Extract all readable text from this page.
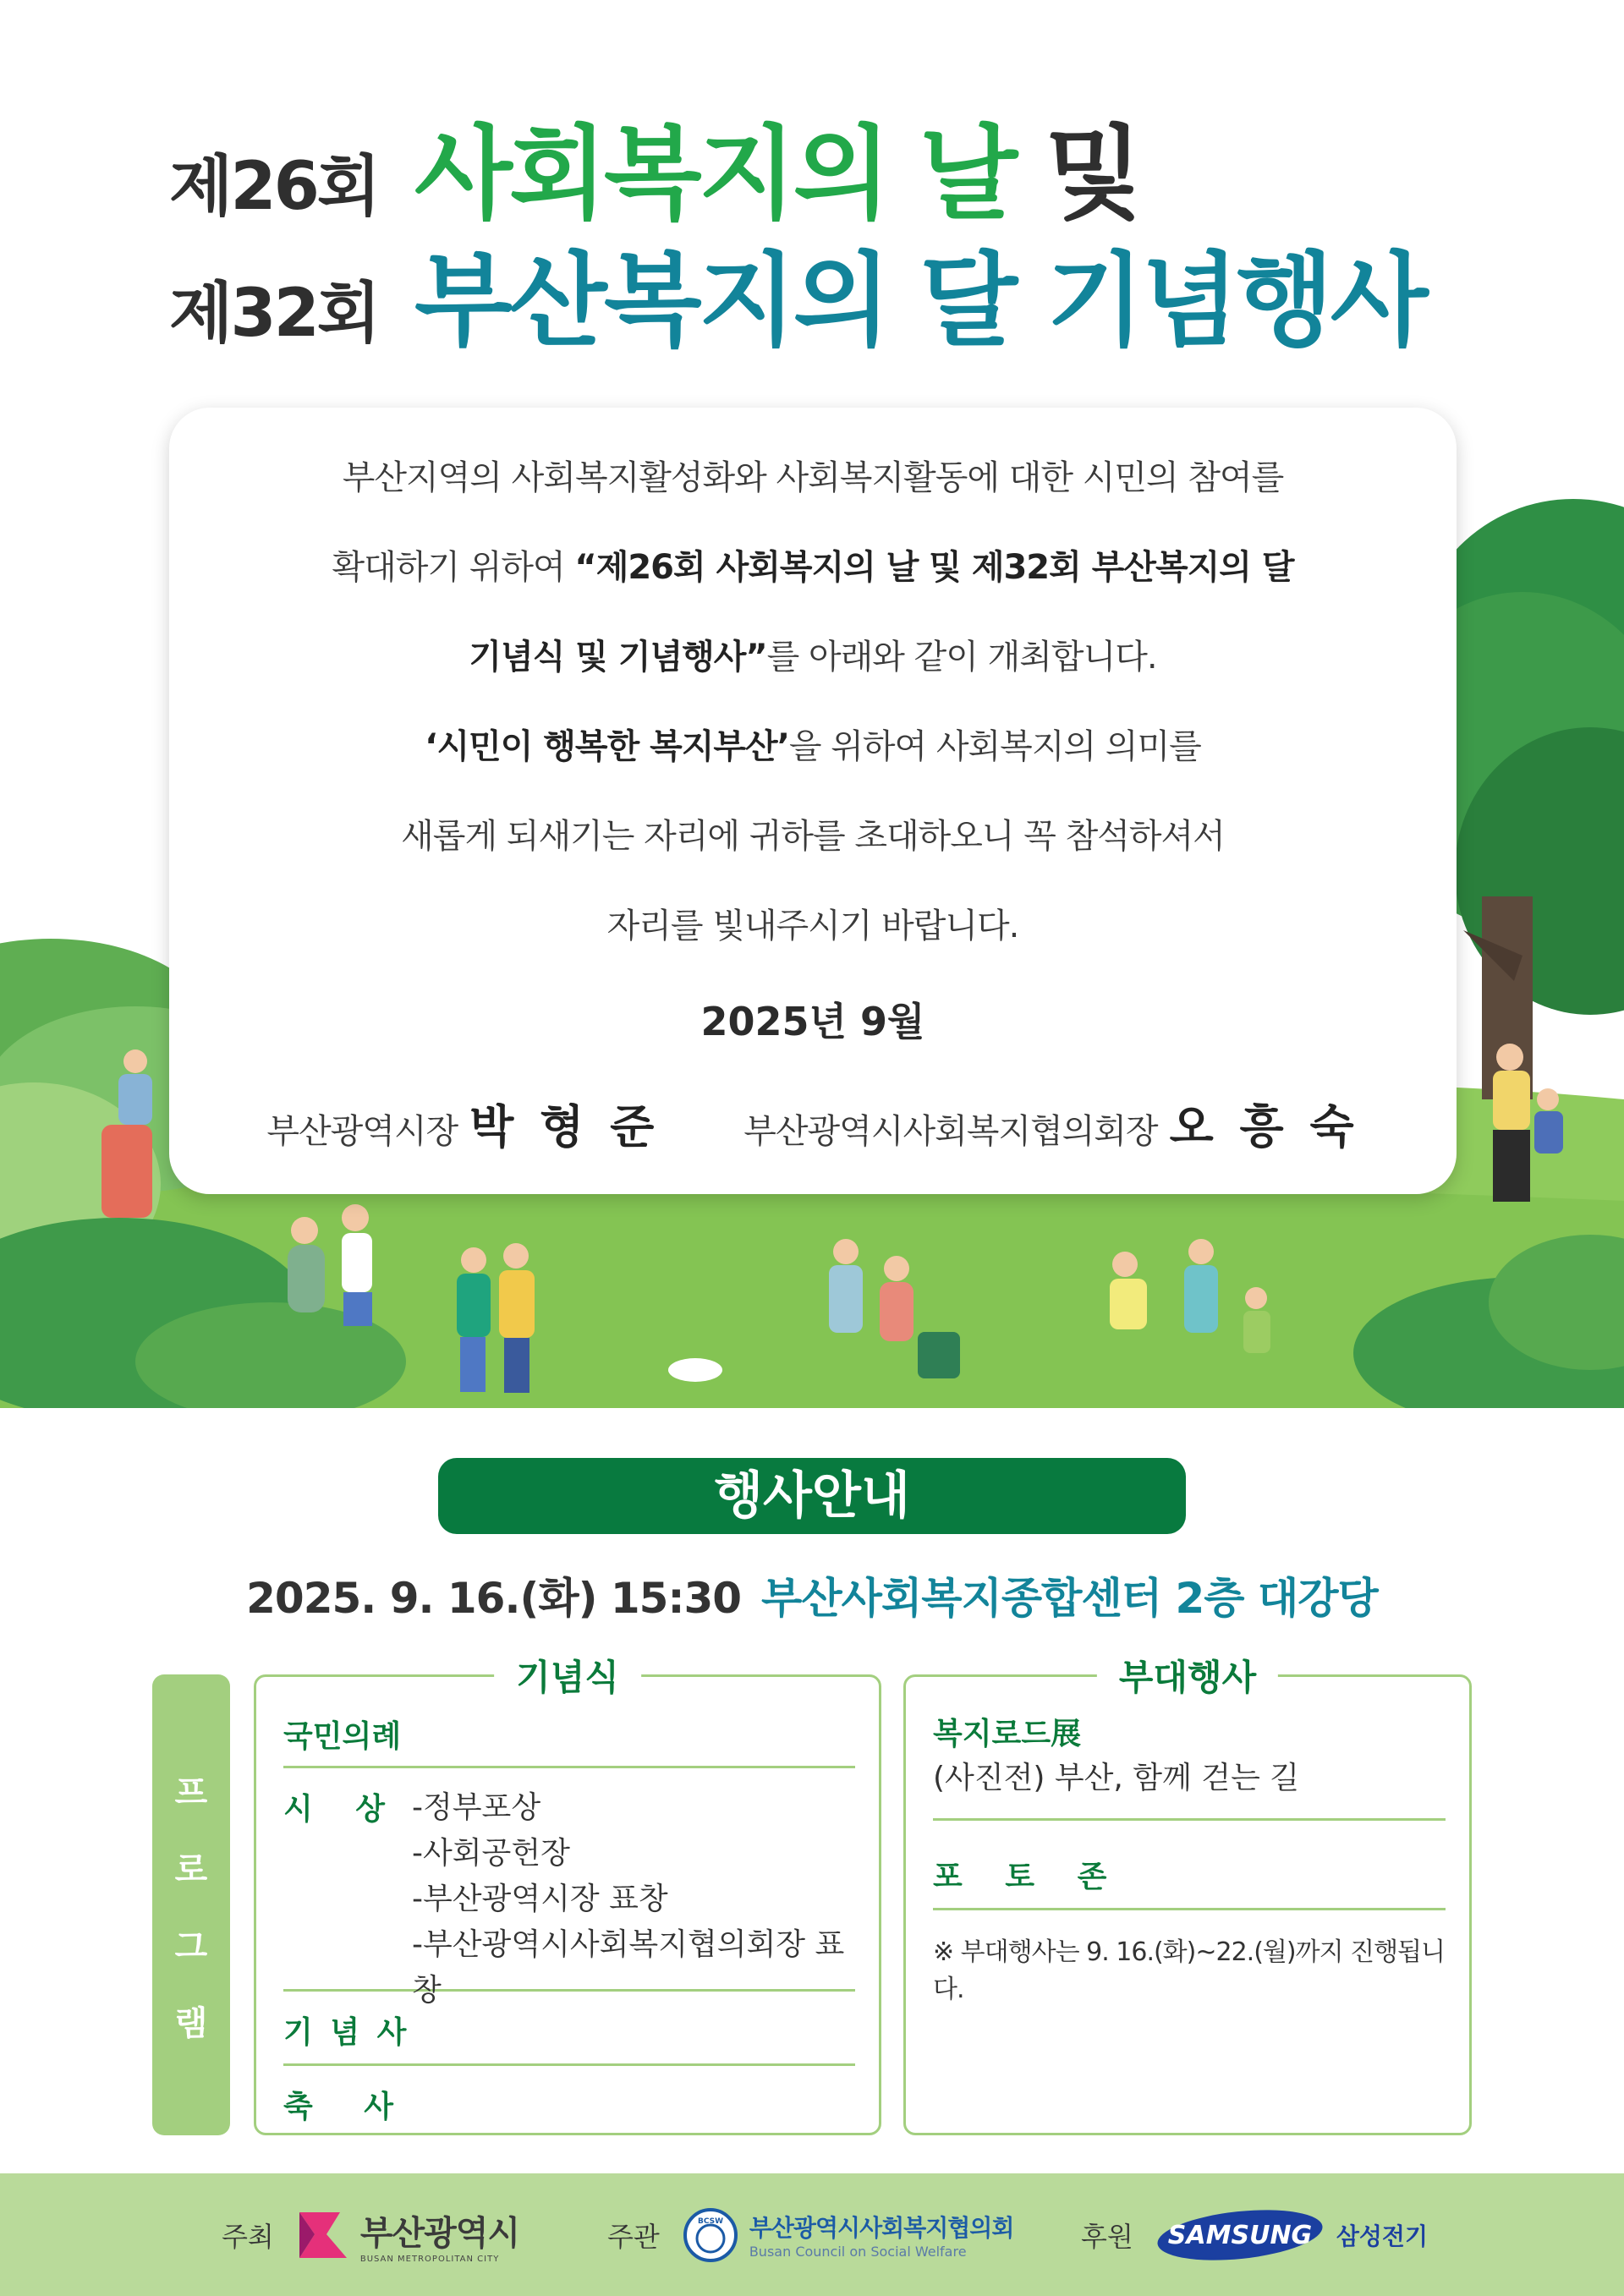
제26회 사회복지의 날 및
제32회 부산복지의 달 기념행사
부산지역의 사회복지활성화와 사회복지활동에 대한 시민의 참여를
확대하기 위하여 “제26회 사회복지의 날 및 제32회 부산복지의 달
기념식 및 기념행사”를 아래와 같이 개최합니다.
‘시민이 행복한 복지부산’을 위하여 사회복지의 의미를
새롭게 되새기는 자리에 귀하를 초대하오니 꼭 참석하셔서
자리를 빛내주시기 바랍니다.
2025년 9월
부산광역시장 박 형 준	부산광역시사회복지협의회장 오 흥 숙
행사안내
2025. 9. 16.(화) 15:30 부산사회복지종합센터 2층 대강당
프
로
그
램
기념식
국민의례
시 상 -정부포상
-사회공헌장
-부산광역시장 표창
-부산광역시사회복지협의회장 표창
기 념 사
축 사
부대행사
복지로드展
(사진전) 부산, 함께 걷는 길
포 토 존
※ 부대행사는 9. 16.(화)~22.(월)까지 진행됩니다.
주최	부산광역시
BUSAN METROPOLITAN CITY
주관	BCSW 부산광역시사회복지협의회
Busan Council on Social Welfare	후원 SAMSUNG 삼성전기
